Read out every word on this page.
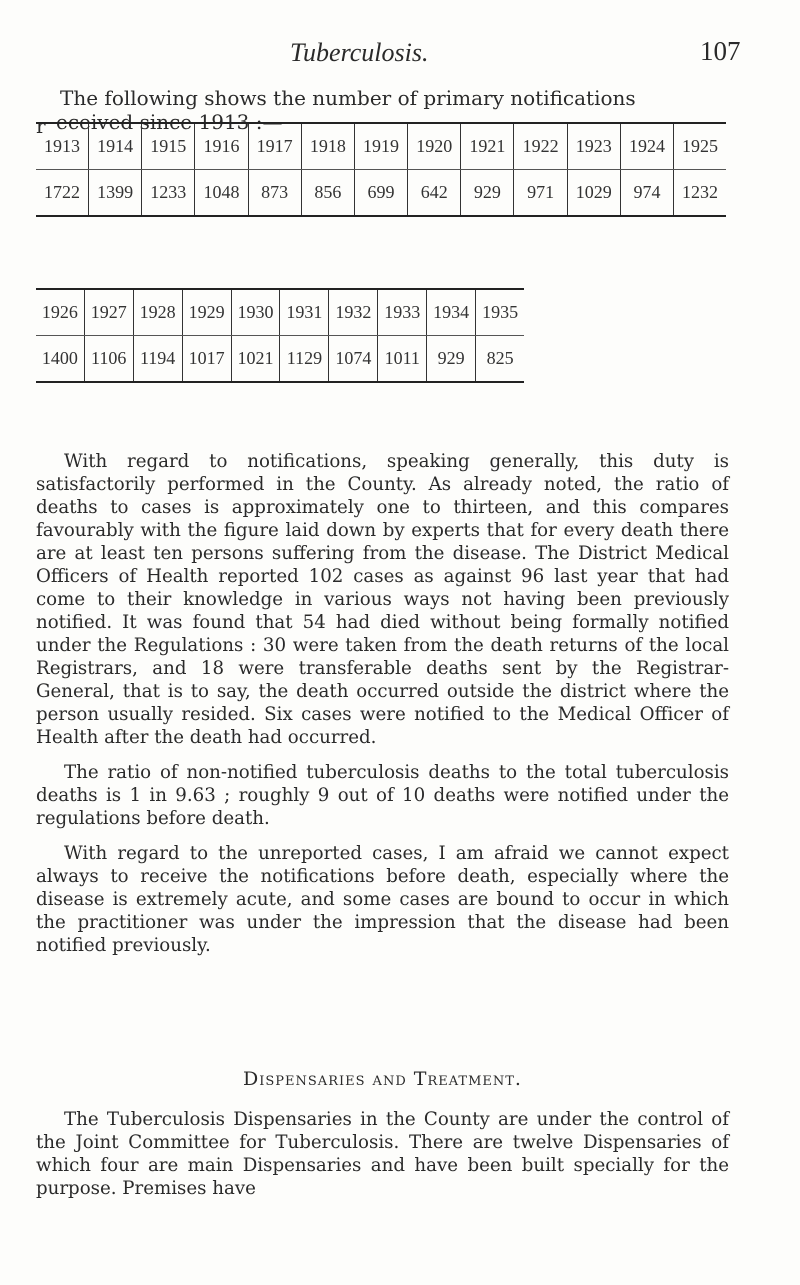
Tuberculosis.	107
The following shows the number of primary notifications
eceived since 1913 :—
r
1913	1914	1915	1916	1917	1918	1919	1920	1921	1922	1923	1924	1925
1722	1399	1233	1048	873	856	699	642	929	971	1029	974	1232
1926	1927	1928	1929	1930	1931	1932	1933	1934	1935
1400	1106	1194	1017	1021	1129	1074	1011	929	825

With regard to notifications, speaking generally, this duty is satisfactorily performed in the County. As already noted, the ratio of deaths to cases is approximately one to thirteen, and this compares favourably with the figure laid down by experts that for every death there are at least ten persons suffering from the disease. The District Medical Officers of Health reported 102 cases as against 96 last year that had come to their knowledge in various ways not having been previously notified. It was found that 54 had died without being formally notified under the Regulations : 30 were taken from the death returns of the local Registrars, and 18 were transferable deaths sent by the Registrar-General, that is to say, the death occurred outside the district where the person usually resided. Six cases were notified to the Medical Officer of Health after the death had occurred.

The ratio of non-notified tuberculosis deaths to the total tuberculosis deaths is 1 in 9.63 ; roughly 9 out of 10 deaths were notified under the regulations before death.

With regard to the unreported cases, I am afraid we cannot expect always to receive the notifications before death, especially where the disease is extremely acute, and some cases are bound to occur in which the practitioner was under the impression that the disease had been notified previously.

Dispensaries and Treatment.

The Tuberculosis Dispensaries in the County are under the control of the Joint Committee for Tuberculosis. There are twelve Dispensaries of which four are main Dispensaries and have been built specially for the purpose. Premises have
